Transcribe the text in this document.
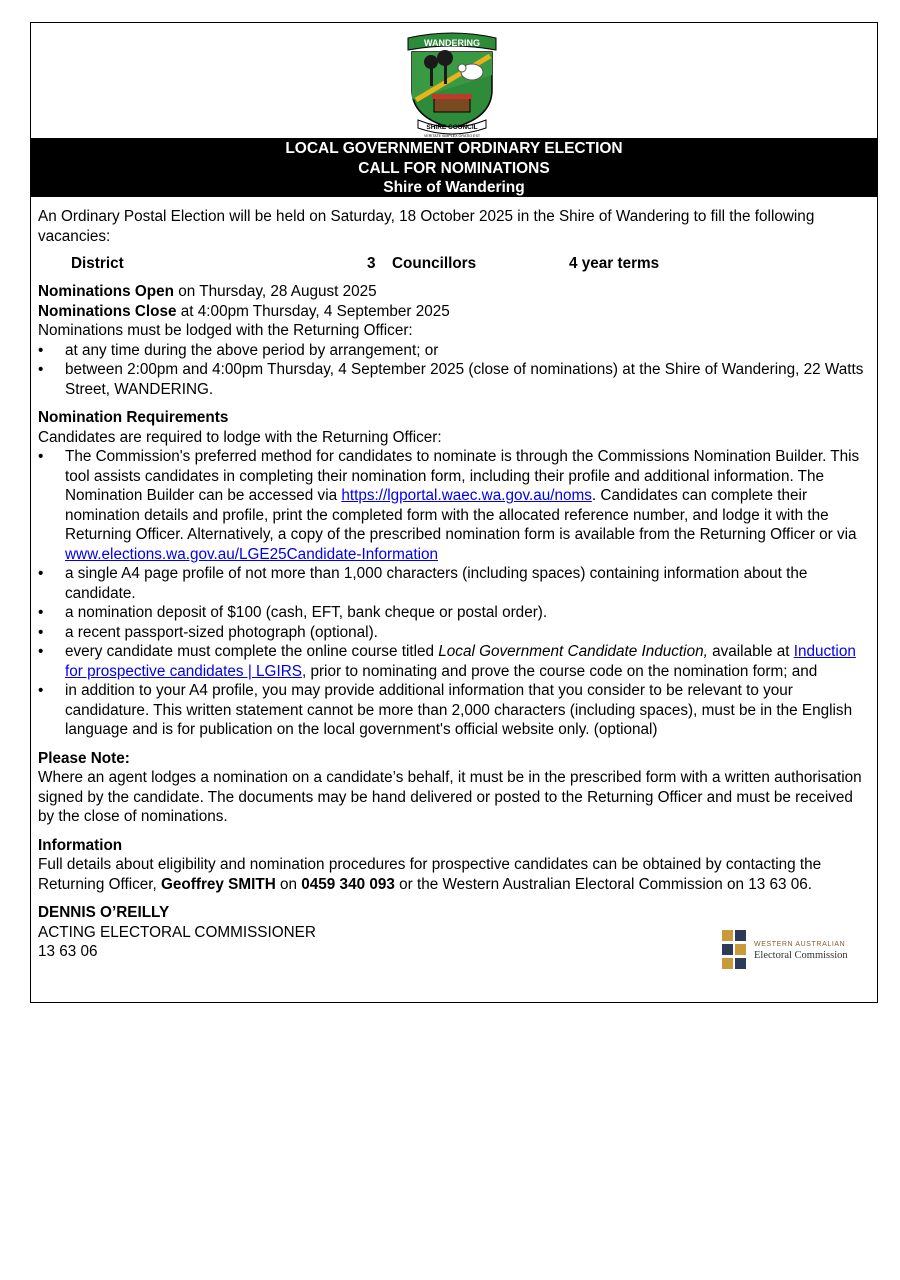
WANDERING
SHIRE COUNCIL
VERITATE SIMPLEX ORATIO EST
LOCAL GOVERNMENT ORDINARY ELECTION
CALL FOR NOMINATIONS
Shire of Wandering

An Ordinary Postal Election will be held on Saturday, 18 October 2025 in the Shire of Wandering to fill the following vacancies:

District	3	Councillors	4 year terms

Nominations Open on Thursday, 28 August 2025

Nominations Close at 4:00pm Thursday, 4 September 2025

Nominations must be lodged with the Returning Officer:

• at any time during the above period by arrangement; or
• between 2:00pm and 4:00pm Thursday, 4 September 2025 (close of nominations) at the Shire of Wandering, 22 Watts Street, WANDERING.

Nomination Requirements

Candidates are required to lodge with the Returning Officer:

• The Commission's preferred method for candidates to nominate is through the Commissions Nomination Builder. This tool assists candidates in completing their nomination form, including their profile and additional information. The Nomination Builder can be accessed via https://lgportal.waec.wa.gov.au/noms. Candidates can complete their nomination details and profile, print the completed form with the allocated reference number, and lodge it with the Returning Officer. Alternatively, a copy of the prescribed nomination form is available from the Returning Officer or via www.elections.wa.gov.au/LGE25Candidate-Information
• a single A4 page profile of not more than 1,000 characters (including spaces) containing information about the candidate.
• a nomination deposit of $100 (cash, EFT, bank cheque or postal order).
• a recent passport-sized photograph (optional).
• every candidate must complete the online course titled Local Government Candidate Induction, available at Induction for prospective candidates | LGIRS, prior to nominating and prove the course code on the nomination form; and
• in addition to your A4 profile, you may provide additional information that you consider to be relevant to your candidature. This written statement cannot be more than 2,000 characters (including spaces), must be in the English language and is for publication on the local government's official website only. (optional)

Please Note:

Where an agent lodges a nomination on a candidate’s behalf, it must be in the prescribed form with a written authorisation signed by the candidate. The documents may be hand delivered or posted to the Returning Officer and must be received by the close of nominations.

Information

Full details about eligibility and nomination procedures for prospective candidates can be obtained by contacting the Returning Officer, Geoffrey SMITH on 0459 340 093 or the Western Australian Electoral Commission on 13 63 06.

DENNIS O’REILLY

ACTING ELECTORAL COMMISSIONER

13 63 06	WESTERN AUSTRALIAN
Electoral Commission
